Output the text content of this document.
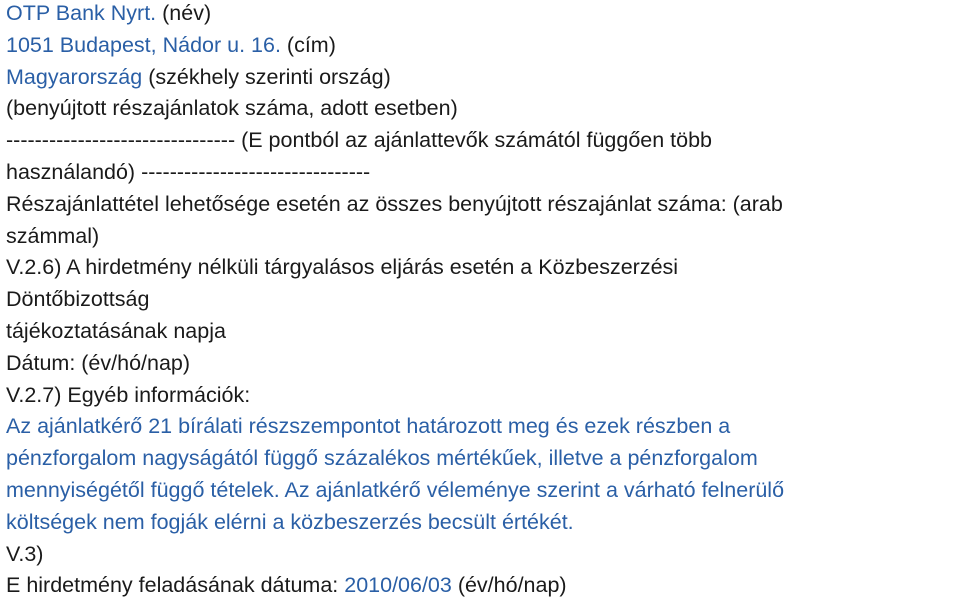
OTP Bank Nyrt. (név)
1051 Budapest, Nádor u. 16. (cím)
Magyarország (székhely szerinti ország)
(benyújtott részajánlatok száma, adott esetben)
-------------------------------- (E pontból az ajánlattevők számától függően több
használandó) --------------------------------
Részajánlattétel lehetősége esetén az összes benyújtott részajánlat száma: (arab
számmal)
V.2.6) A hirdetmény nélküli tárgyalásos eljárás esetén a Közbeszerzési
Döntőbizottság
tájékoztatásának napja
Dátum: (év/hó/nap)
V.2.7) Egyéb információk:
Az ajánlatkérő 21 bírálati részszempontot határozott meg és ezek részben a
pénzforgalom nagyságától függő százalékos mértékűek, illetve a pénzforgalom
mennyiségétől függő tételek. Az ajánlatkérő véleménye szerint a várható felnerülő
költségek nem fogják elérni a közbeszerzés becsült értékét.
V.3)
E hirdetmény feladásának dátuma: 2010/06/03 (év/hó/nap)
